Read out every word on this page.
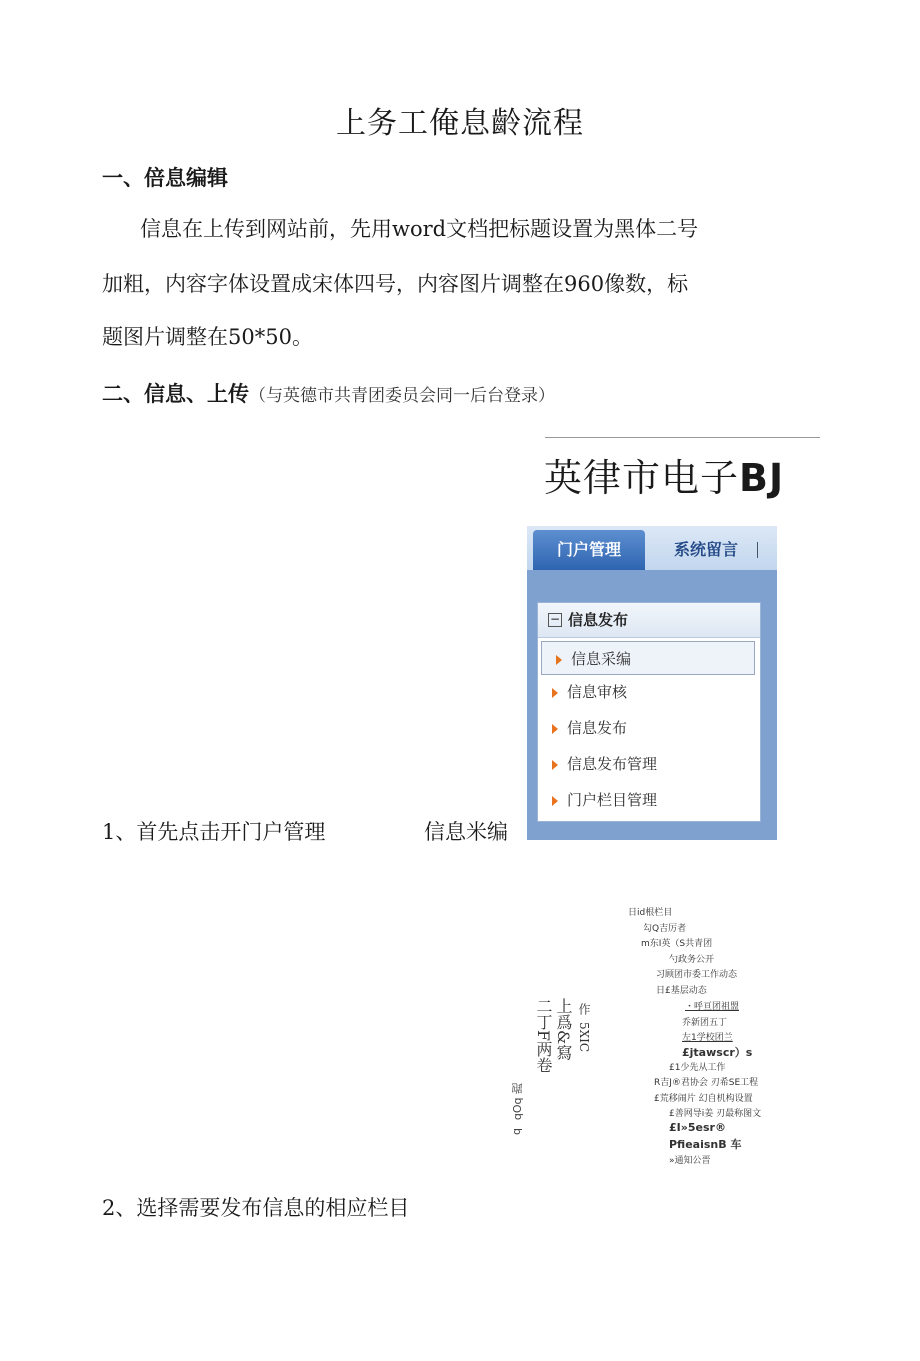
上务工俺息齡流程
一、倍息编辑
信息在上传到网站前，先用word文档把标题设置为黑体二号
加粗，内容字体设置成宋体四号，内容图片调整在960像数，标
题图片调整在50*50。
二、信息、上传（与英德市共青团委员会同一后台登录）
英律市电子BJ
门户管理	系统留言
− 信息发布
信息采编
信息审核
信息发布
信息发布管理
门户栏目管理
1、首先点击开门户管理	信息米编
日id根栏目
勾Q吉厉者
m东I英（S共青团
勺政务公开
习顾团市委工作动态
日£基层动态
・呼亘团祖盟
乔新团五丁
左1学校团兰
£jtawscr）s
£1少先从工作
R吉J®君协会 刃希SE工程
£荒移闹片 幻自机构设置
£善网导i姜 刃最称图文
£I»5esr®
PfieaisnB 车
»通知公晋
作
5XIC
上爲&寫
二丁F两卷
qOq 跑
q
2、选择需要发布信息的相应栏目
